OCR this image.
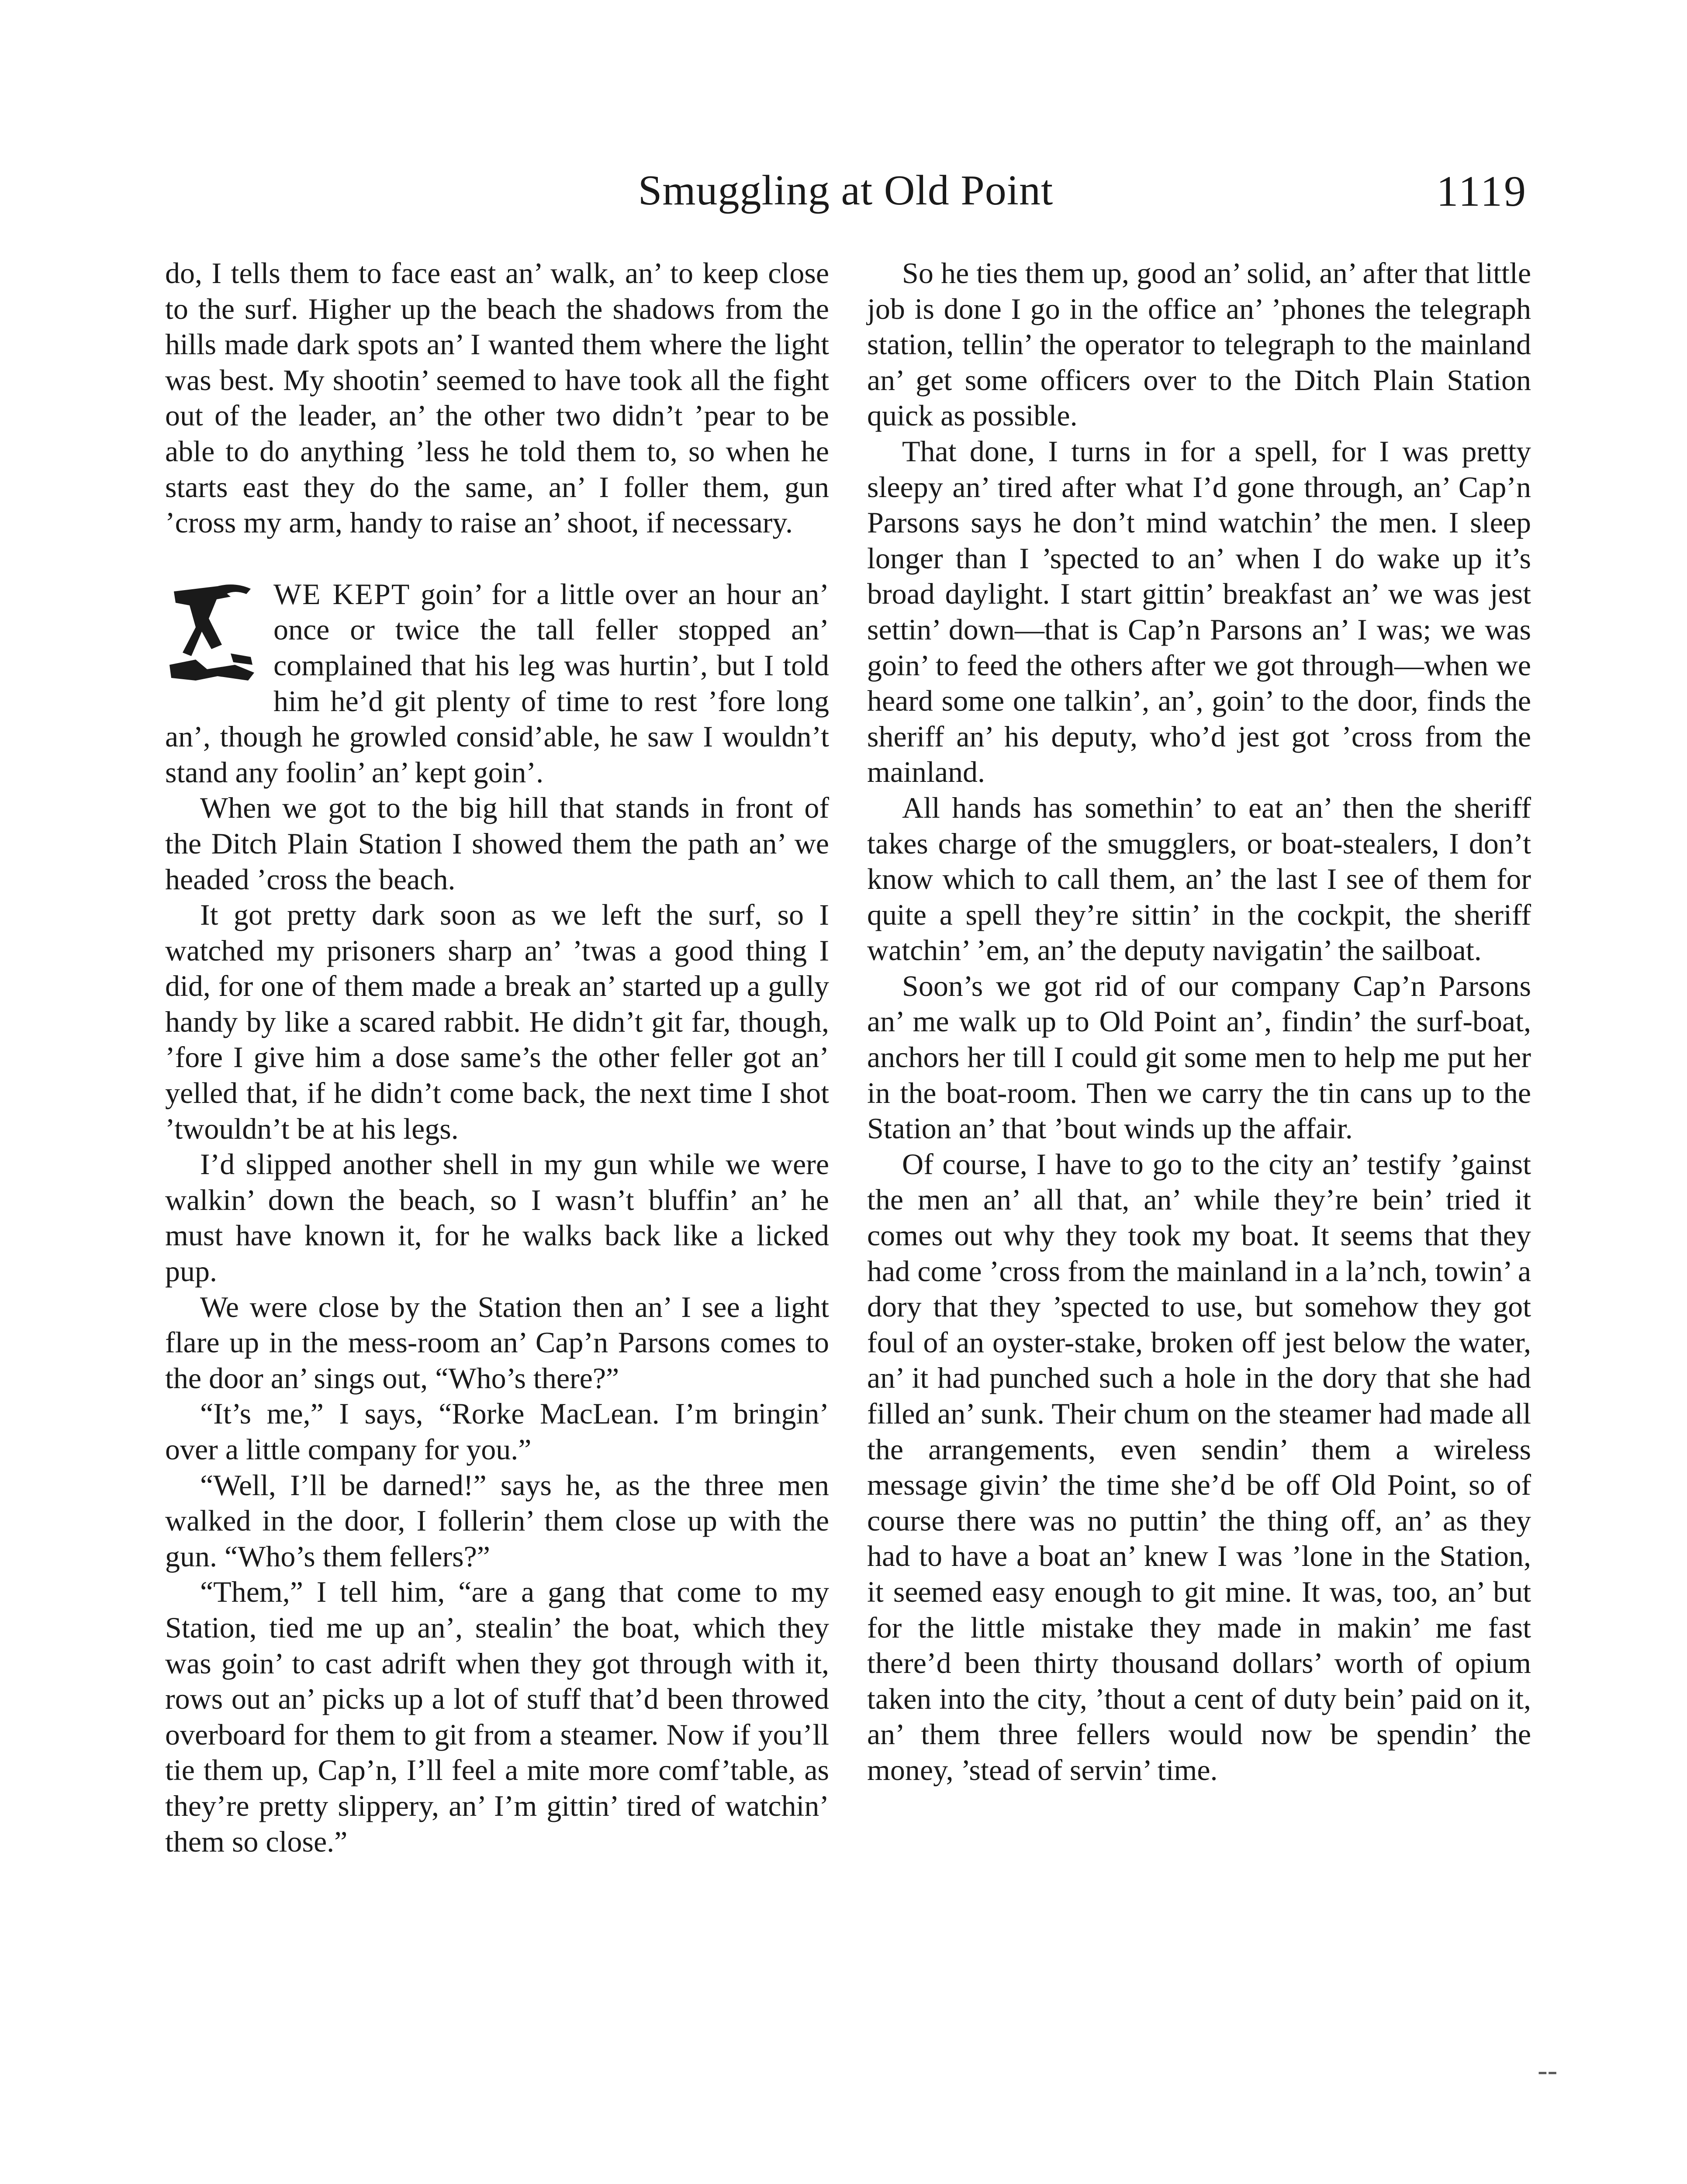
Smuggling at Old Point	1119

do, I tells them to face east an’ walk, an’ to keep close to the surf. Higher up the beach the shadows from the hills made dark spots an’ I wanted them where the light was best. My shootin’ seemed to have took all the fight out of the leader, an’ the other two didn’t ’pear to be able to do anything ’less he told them to, so when he starts east they do the same, an’ I foller them, gun ’cross my arm, handy to raise an’ shoot, if necessary.

WE KEPT goin’ for a little over an hour an’ once or twice the tall feller stopped an’ complained that his leg was hurtin’, but I told him he’d git plenty of time to rest ’fore long an’, though he growled consid’able, he saw I wouldn’t stand any foolin’ an’ kept goin’.

When we got to the big hill that stands in front of the Ditch Plain Station I showed them the path an’ we headed ’cross the beach.

It got pretty dark soon as we left the surf, so I watched my prisoners sharp an’ ’twas a good thing I did, for one of them made a break an’ started up a gully handy by like a scared rabbit. He didn’t git far, though, ’fore I give him a dose same’s the other feller got an’ yelled that, if he didn’t come back, the next time I shot ’twouldn’t be at his legs.

I’d slipped another shell in my gun while we were walkin’ down the beach, so I wasn’t bluffin’ an’ he must have known it, for he walks back like a licked pup.

We were close by the Station then an’ I see a light flare up in the mess-room an’ Cap’n Parsons comes to the door an’ sings out, “Who’s there?”

“It’s me,” I says, “Rorke MacLean. I’m bringin’ over a little company for you.”

“Well, I’ll be darned!” says he, as the three men walked in the door, I follerin’ them close up with the gun. “Who’s them fellers?”

“Them,” I tell him, “are a gang that come to my Station, tied me up an’, stealin’ the boat, which they was goin’ to cast adrift when they got through with it, rows out an’ picks up a lot of stuff that’d been throwed overboard for them to git from a steamer. Now if you’ll tie them up, Cap’n, I’ll feel a mite more comf’table, as they’re pretty slippery, an’ I’m gittin’ tired of watchin’ them so close.”

So he ties them up, good an’ solid, an’ after that little job is done I go in the office an’ ’phones the telegraph station, tellin’ the operator to telegraph to the mainland an’ get some officers over to the Ditch Plain Station quick as possible.

That done, I turns in for a spell, for I was pretty sleepy an’ tired after what I’d gone through, an’ Cap’n Parsons says he don’t mind watchin’ the men. I sleep longer than I ’spected to an’ when I do wake up it’s broad daylight. I start gittin’ breakfast an’ we was jest settin’ down—that is Cap’n Parsons an’ I was; we was goin’ to feed the others after we got through—when we heard some one talkin’, an’, goin’ to the door, finds the sheriff an’ his deputy, who’d jest got ’cross from the mainland.

All hands has somethin’ to eat an’ then the sheriff takes charge of the smugglers, or boat-stealers, I don’t know which to call them, an’ the last I see of them for quite a spell they’re sittin’ in the cockpit, the sheriff watchin’ ’em, an’ the deputy navigatin’ the sailboat.

Soon’s we got rid of our company Cap’n Parsons an’ me walk up to Old Point an’, findin’ the surf-boat, anchors her till I could git some men to help me put her in the boat-room. Then we carry the tin cans up to the Station an’ that ’bout winds up the affair.

Of course, I have to go to the city an’ testify ’gainst the men an’ all that, an’ while they’re bein’ tried it comes out why they took my boat. It seems that they had come ’cross from the mainland in a la’nch, towin’ a dory that they ’spected to use, but somehow they got foul of an oyster-stake, broken off jest below the water, an’ it had punched such a hole in the dory that she had filled an’ sunk. Their chum on the steamer had made all the arrangements, even sendin’ them a wireless message givin’ the time she’d be off Old Point, so of course there was no puttin’ the thing off, an’ as they had to have a boat an’ knew I was ’lone in the Station, it seemed easy enough to git mine. It was, too, an’ but for the little mistake they made in makin’ me fast there’d been thirty thousand dollars’ worth of opium taken into the city, ’thout a cent of duty bein’ paid on it, an’ them three fellers would now be spendin’ the money, ’stead of servin’ time.

--
